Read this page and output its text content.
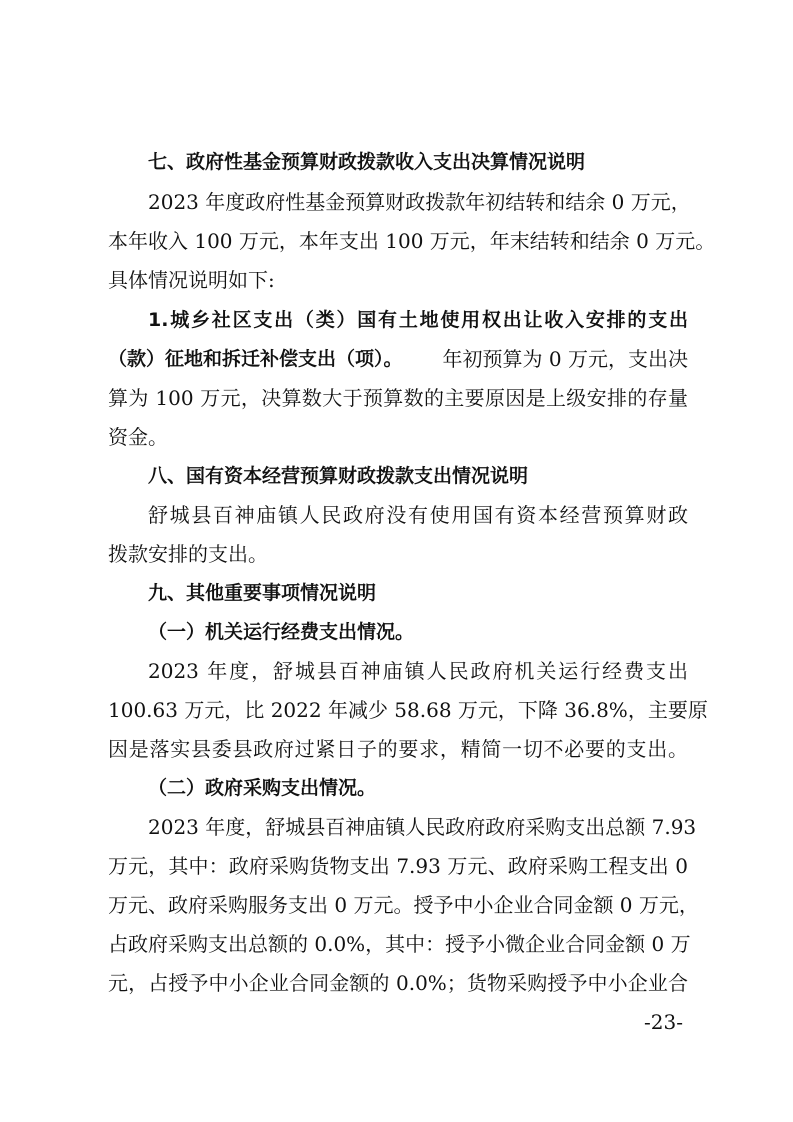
七、政府性基金预算财政拨款收入支出决算情况说明
2023 年度政府性基金预算财政拨款年初结转和结余 0 万元，
本年收入 100 万元，本年支出 100 万元，年末结转和结余 0 万元。
具体情况说明如下:
1.城乡社区支出（类）国有土地使用权出让收入安排的支出
（款）征地和拆迁补偿支出（项）。 年初预算为 0 万元，支出决
算为 100 万元，决算数大于预算数的主要原因是上级安排的存量
资金。
八、国有资本经营预算财政拨款支出情况说明
舒城县百神庙镇人民政府没有使用国有资本经营预算财政
拨款安排的支出。
九、其他重要事项情况说明
（一）机关运行经费支出情况。
2023 年度，舒城县百神庙镇人民政府机关运行经费支出
100.63 万元，比 2022 年减少 58.68 万元，下降 36.8%，主要原
因是落实县委县政府过紧日子的要求，精简一切不必要的支出。
（二）政府采购支出情况。
2023 年度，舒城县百神庙镇人民政府政府采购支出总额 7.93
万元，其中：政府采购货物支出 7.93 万元、政府采购工程支出 0
万元、政府采购服务支出 0 万元。授予中小企业合同金额 0 万元，
占政府采购支出总额的 0.0%，其中：授予小微企业合同金额 0 万
元，占授予中小企业合同金额的 0.0%；货物采购授予中小企业合
-23-
